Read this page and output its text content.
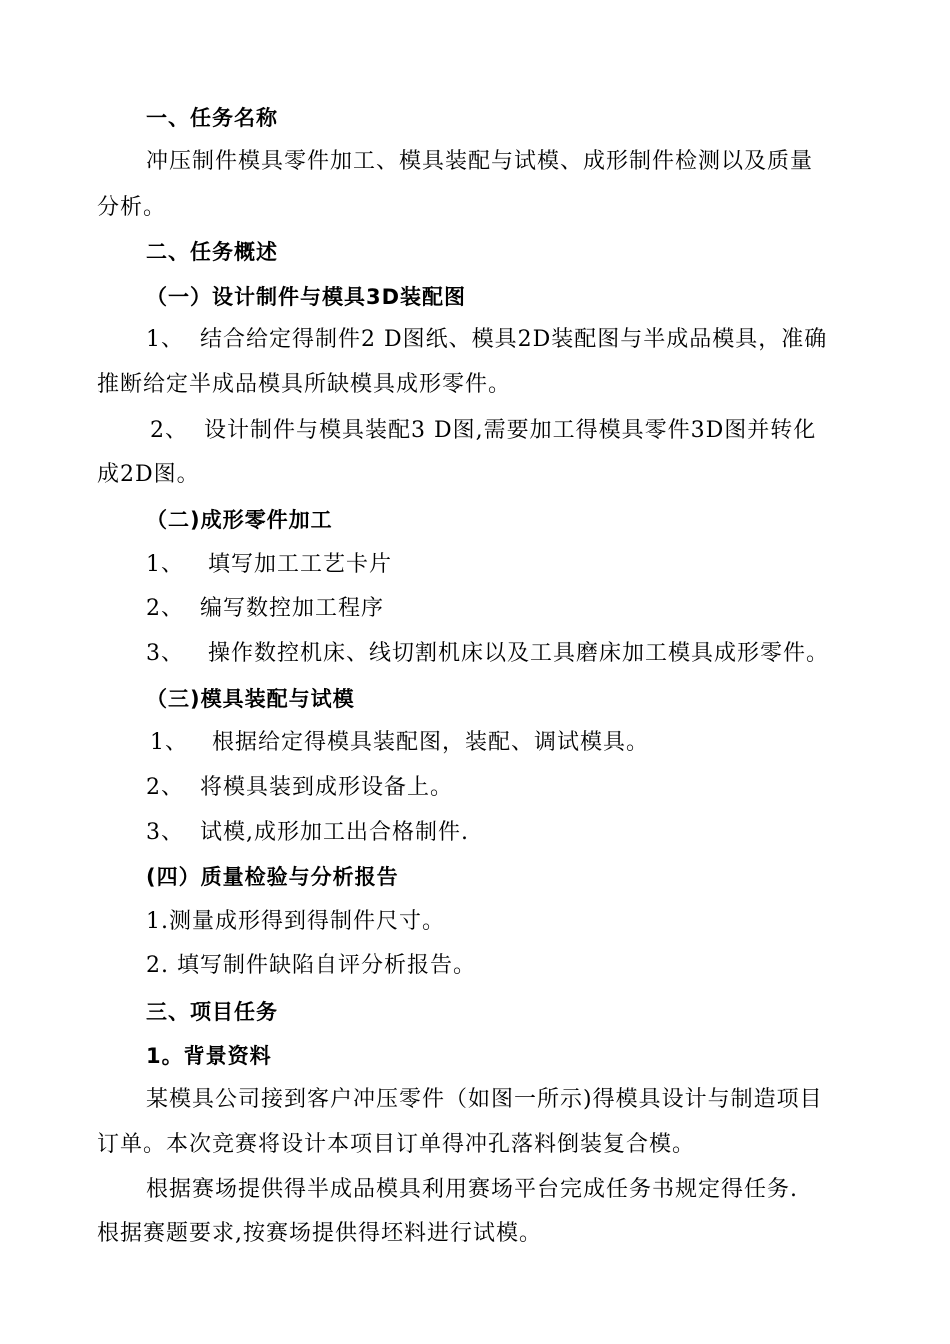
一、任务名称
冲压制件模具零件加工、模具装配与试模、成形制件检测以及质量
分析。
二、任务概述
（一）设计制件与模具3D装配图
1、  结合给定得制件2 D图纸、模具2D装配图与半成品模具，准确
推断给定半成品模具所缺模具成形零件。
2、  设计制件与模具装配3 D图,需要加工得模具零件3D图并转化
成2D图。
（二)成形零件加工
1、   填写加工工艺卡片
2、  编写数控加工程序
3、   操作数控机床、线切割机床以及工具磨床加工模具成形零件。
（三)模具装配与试模
1、   根据给定得模具装配图，装配、调试模具。
2、  将模具装到成形设备上。
3、  试模,成形加工出合格制件.
(四）质量检验与分析报告
1.测量成形得到得制件尺寸。
2. 填写制件缺陷自评分析报告。
三、项目任务
1。背景资料
某模具公司接到客户冲压零件（如图一所示)得模具设计与制造项目
订单。本次竞赛将设计本项目订单得冲孔落料倒装复合模。
根据赛场提供得半成品模具利用赛场平台完成任务书规定得任务.
根据赛题要求,按赛场提供得坯料进行试模。
